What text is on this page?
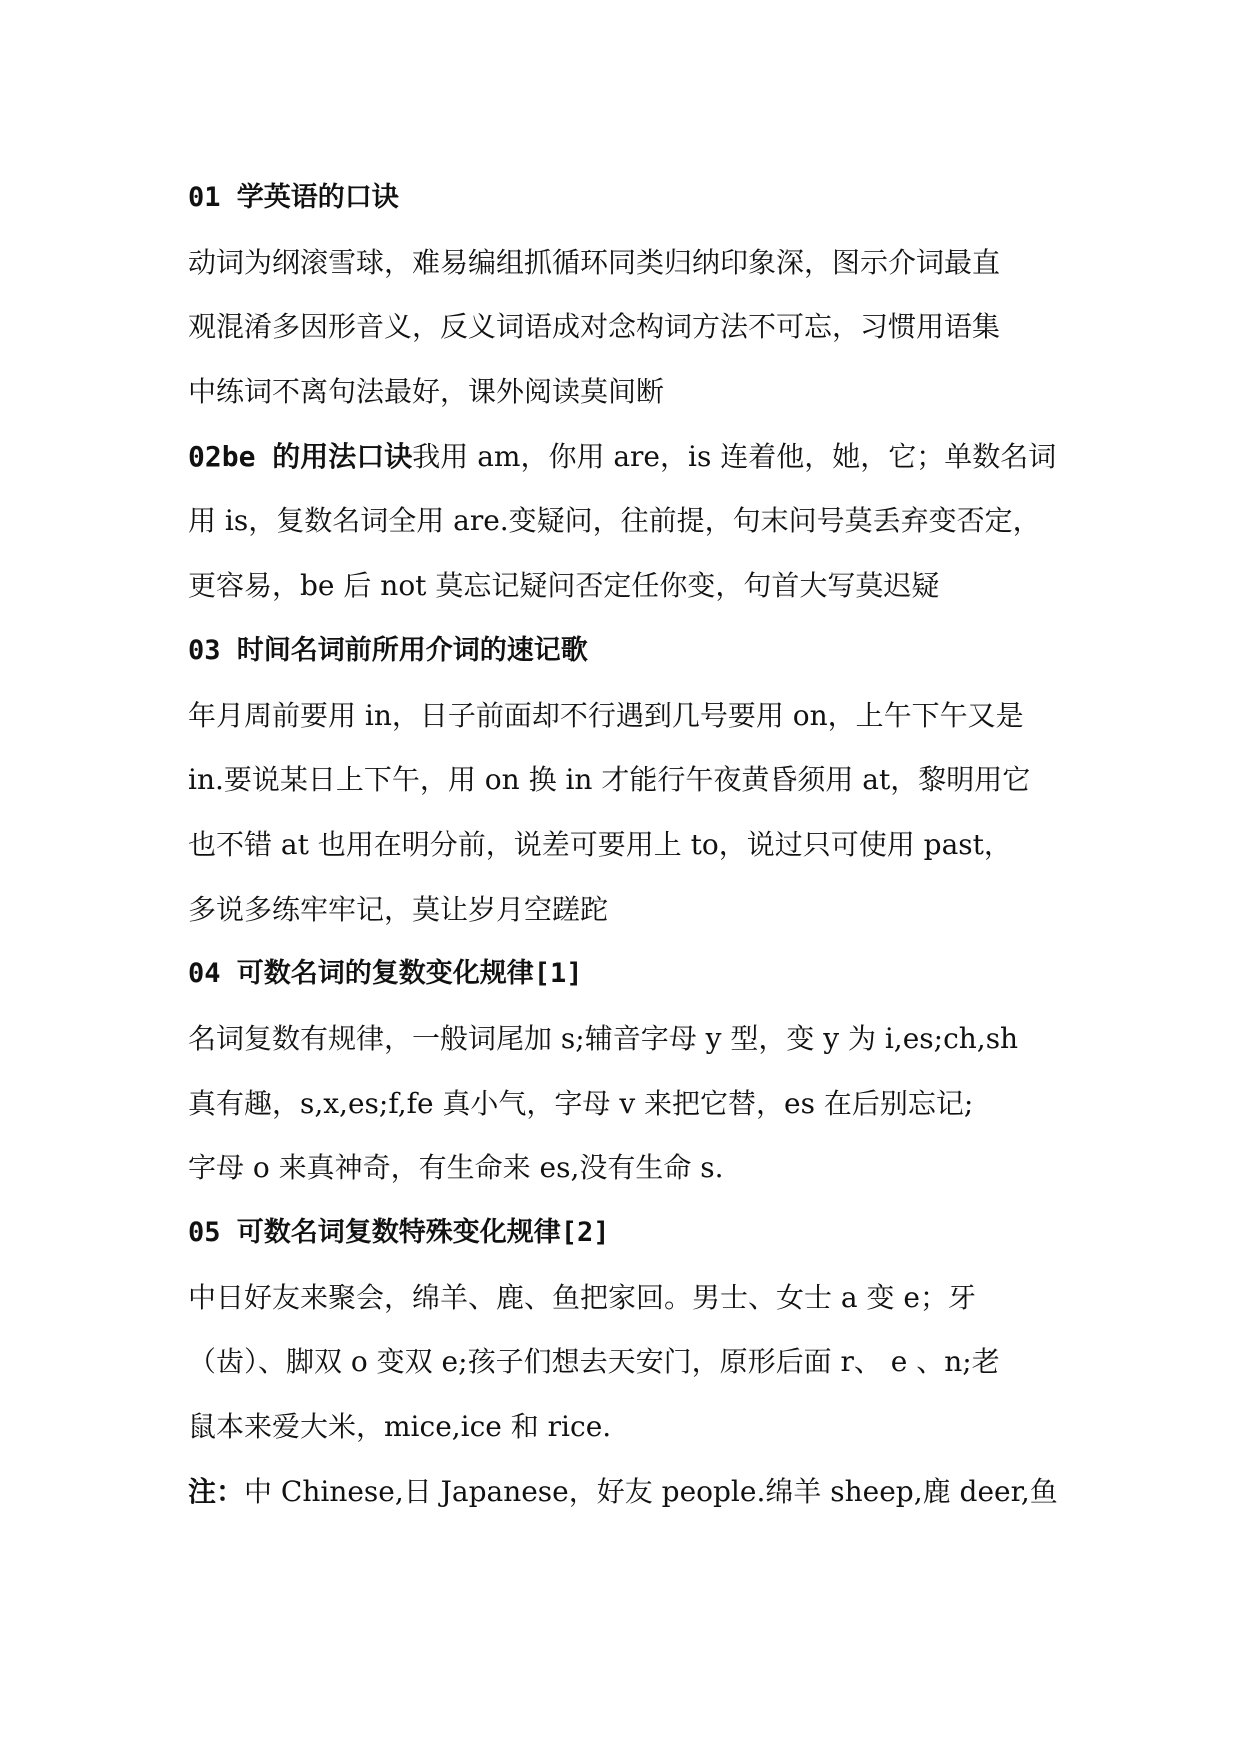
01 学英语的口诀
动词为纲滚雪球，难易编组抓循环同类归纳印象深，图示介词最直
观混淆多因形音义，反义词语成对念构词方法不可忘，习惯用语集
中练词不离句法最好，课外阅读莫间断
02be 的用法口诀我用 am，你用 are，is 连着他，她，它；单数名词
用 is，复数名词全用 are.变疑问，往前提，句末问号莫丢弃变否定，
更容易，be 后 not 莫忘记疑问否定任你变，句首大写莫迟疑
03 时间名词前所用介词的速记歌
年月周前要用 in，日子前面却不行遇到几号要用 on，上午下午又是
in.要说某日上下午，用 on 换 in 才能行午夜黄昏须用 at，黎明用它
也不错 at 也用在明分前，说差可要用上 to，说过只可使用 past，
多说多练牢牢记，莫让岁月空蹉跎
04 可数名词的复数变化规律[1]
名词复数有规律，一般词尾加 s;辅音字母 y 型，变 y 为 i,es;ch,sh
真有趣，s,x,es;f,fe 真小气，字母 v 来把它替，es 在后别忘记;
字母 o 来真神奇，有生命来 es,没有生命 s.
05 可数名词复数特殊变化规律[2]
中日好友来聚会，绵羊、鹿、鱼把家回。男士、女士 a 变 e；牙
（齿）、脚双 o 变双 e;孩子们想去天安门，原形后面 r、 e 、n;老
鼠本来爱大米，mice,ice 和 rice.
注：中 Chinese,日 Japanese，好友 people.绵羊 sheep,鹿 deer,鱼
